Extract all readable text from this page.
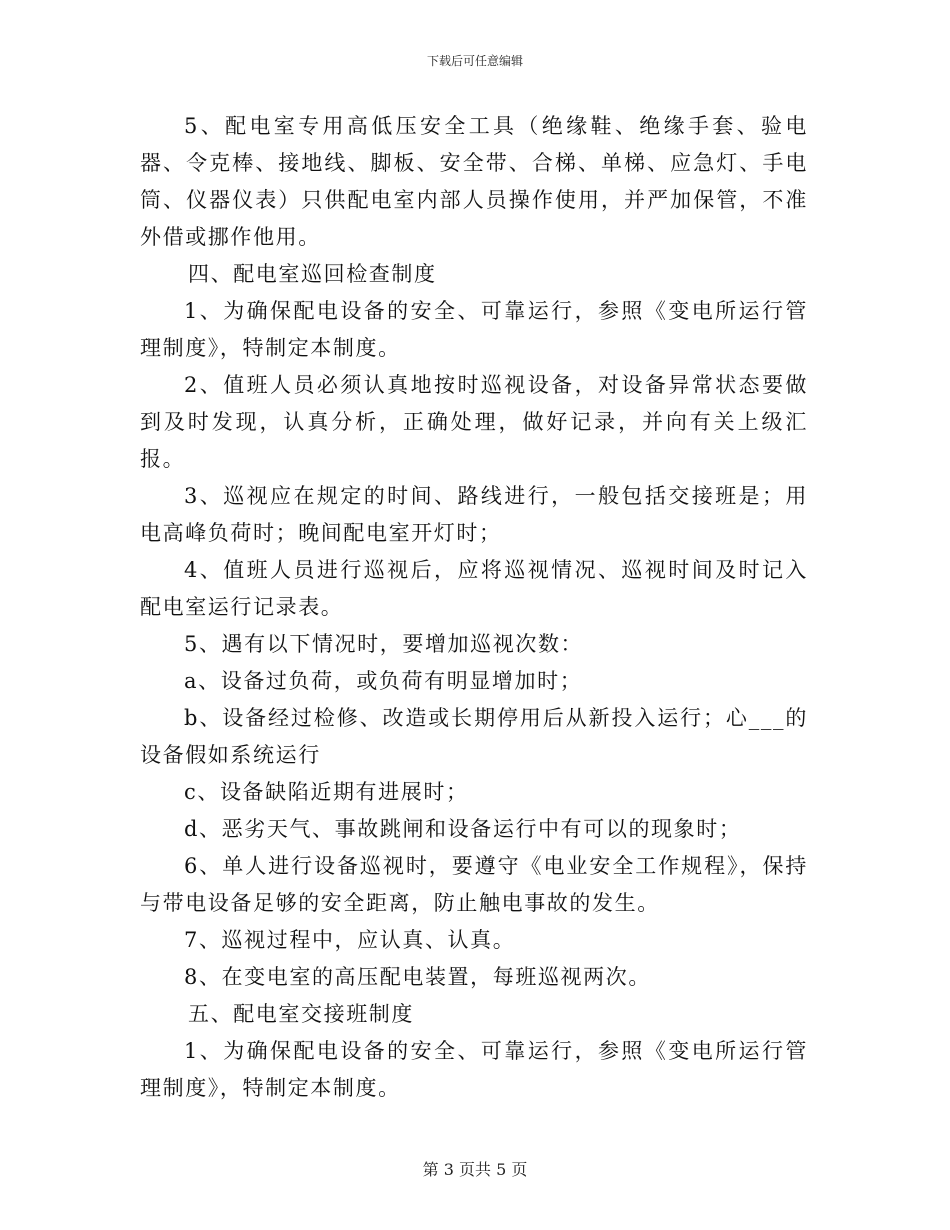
下载后可任意编辑

5、配电室专用高低压安全工具（绝缘鞋、绝缘手套、验电器、令克棒、接地线、脚板、安全带、合梯、单梯、应急灯、手电筒、仪器仪表）只供配电室内部人员操作使用，并严加保管，不准外借或挪作他用。

四、配电室巡回检查制度

1、为确保配电设备的安全、可靠运行，参照《变电所运行管理制度》，特制定本制度。

2、值班人员必须认真地按时巡视设备，对设备异常状态要做到及时发现，认真分析，正确处理，做好记录，并向有关上级汇报。

3、巡视应在规定的时间、路线进行，一般包括交接班是；用电高峰负荷时；晚间配电室开灯时；

4、值班人员进行巡视后，应将巡视情况、巡视时间及时记入配电室运行记录表。

5、遇有以下情况时，要增加巡视次数：

a、设备过负荷，或负荷有明显增加时；

b、设备经过检修、改造或长期停用后从新投入运行；心___的设备假如系统运行

c、设备缺陷近期有进展时；

d、恶劣天气、事故跳闸和设备运行中有可以的现象时；

6、单人进行设备巡视时，要遵守《电业安全工作规程》，保持与带电设备足够的安全距离，防止触电事故的发生。

7、巡视过程中，应认真、认真。

8、在变电室的高压配电装置，每班巡视两次。

五、配电室交接班制度

1、为确保配电设备的安全、可靠运行，参照《变电所运行管理制度》，特制定本制度。

第 3 页共 5 页
